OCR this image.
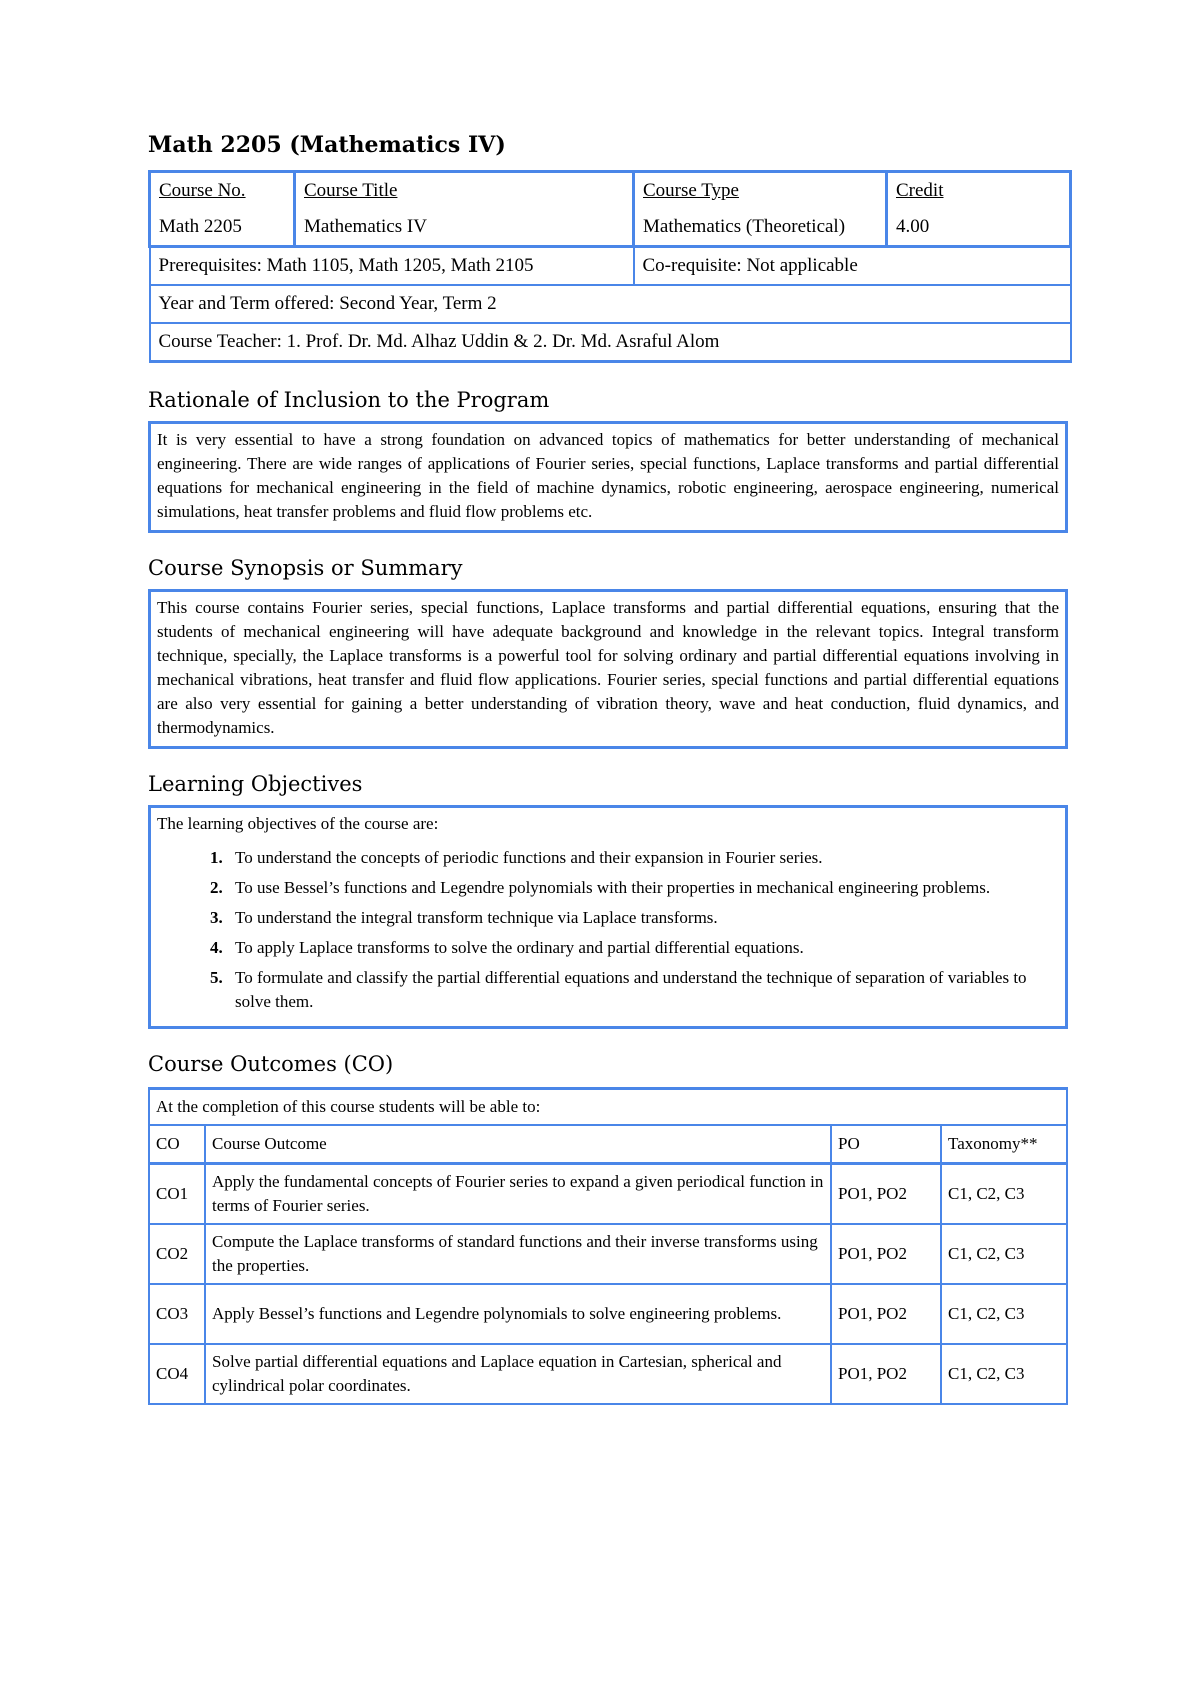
Math 2205 (Mathematics IV)
Course No.	Course Title	Course Type	Credit
Math 2205	Mathematics IV	Mathematics (Theoretical)	4.00
Prerequisites: Math 1105, Math 1205, Math 2105		Co-requisite: Not applicable	
Year and Term offered: Second Year, Term 2			
Course Teacher: 1. Prof. Dr. Md. Alhaz Uddin & 2. Dr. Md. Asraful Alom			
Rationale of Inclusion to the Program
It is very essential to have a strong foundation on advanced topics of mathematics for better understanding of mechanical engineering. There are wide ranges of applications of Fourier series, special functions, Laplace transforms and partial differential equations for mechanical engineering in the field of machine dynamics, robotic engineering, aerospace engineering, numerical simulations, heat transfer problems and fluid flow problems etc.
Course Synopsis or Summary
This course contains Fourier series, special functions, Laplace transforms and partial differential equations, ensuring that the students of mechanical engineering will have adequate background and knowledge in the relevant topics. Integral transform technique, specially, the Laplace transforms is a powerful tool for solving ordinary and partial differential equations involving in mechanical vibrations, heat transfer and fluid flow applications. Fourier series, special functions and partial differential equations are also very essential for gaining a better understanding of vibration theory, wave and heat conduction, fluid dynamics, and thermodynamics.
Learning Objectives
The learning objectives of the course are:
1. To understand the concepts of periodic functions and their expansion in Fourier series.
2. To use Bessel’s functions and Legendre polynomials with their properties in mechanical engineering problems.
3. To understand the integral transform technique via Laplace transforms.
4. To apply Laplace transforms to solve the ordinary and partial differential equations.
5. To formulate and classify the partial differential equations and understand the technique of separation of variables to solve them.
Course Outcomes (CO)
At the completion of this course students will be able to:			
CO	Course Outcome	PO	Taxonomy**
CO1	Apply the fundamental concepts of Fourier series to expand a given periodical function in terms of Fourier series.	PO1, PO2	C1, C2, C3
CO2	Compute the Laplace transforms of standard functions and their inverse transforms using the properties.	PO1, PO2	C1, C2, C3
CO3	Apply Bessel’s functions and Legendre polynomials to solve engineering problems.	PO1, PO2	C1, C2, C3
CO4	Solve partial differential equations and Laplace equation in Cartesian, spherical and cylindrical polar coordinates.	PO1, PO2	C1, C2, C3
